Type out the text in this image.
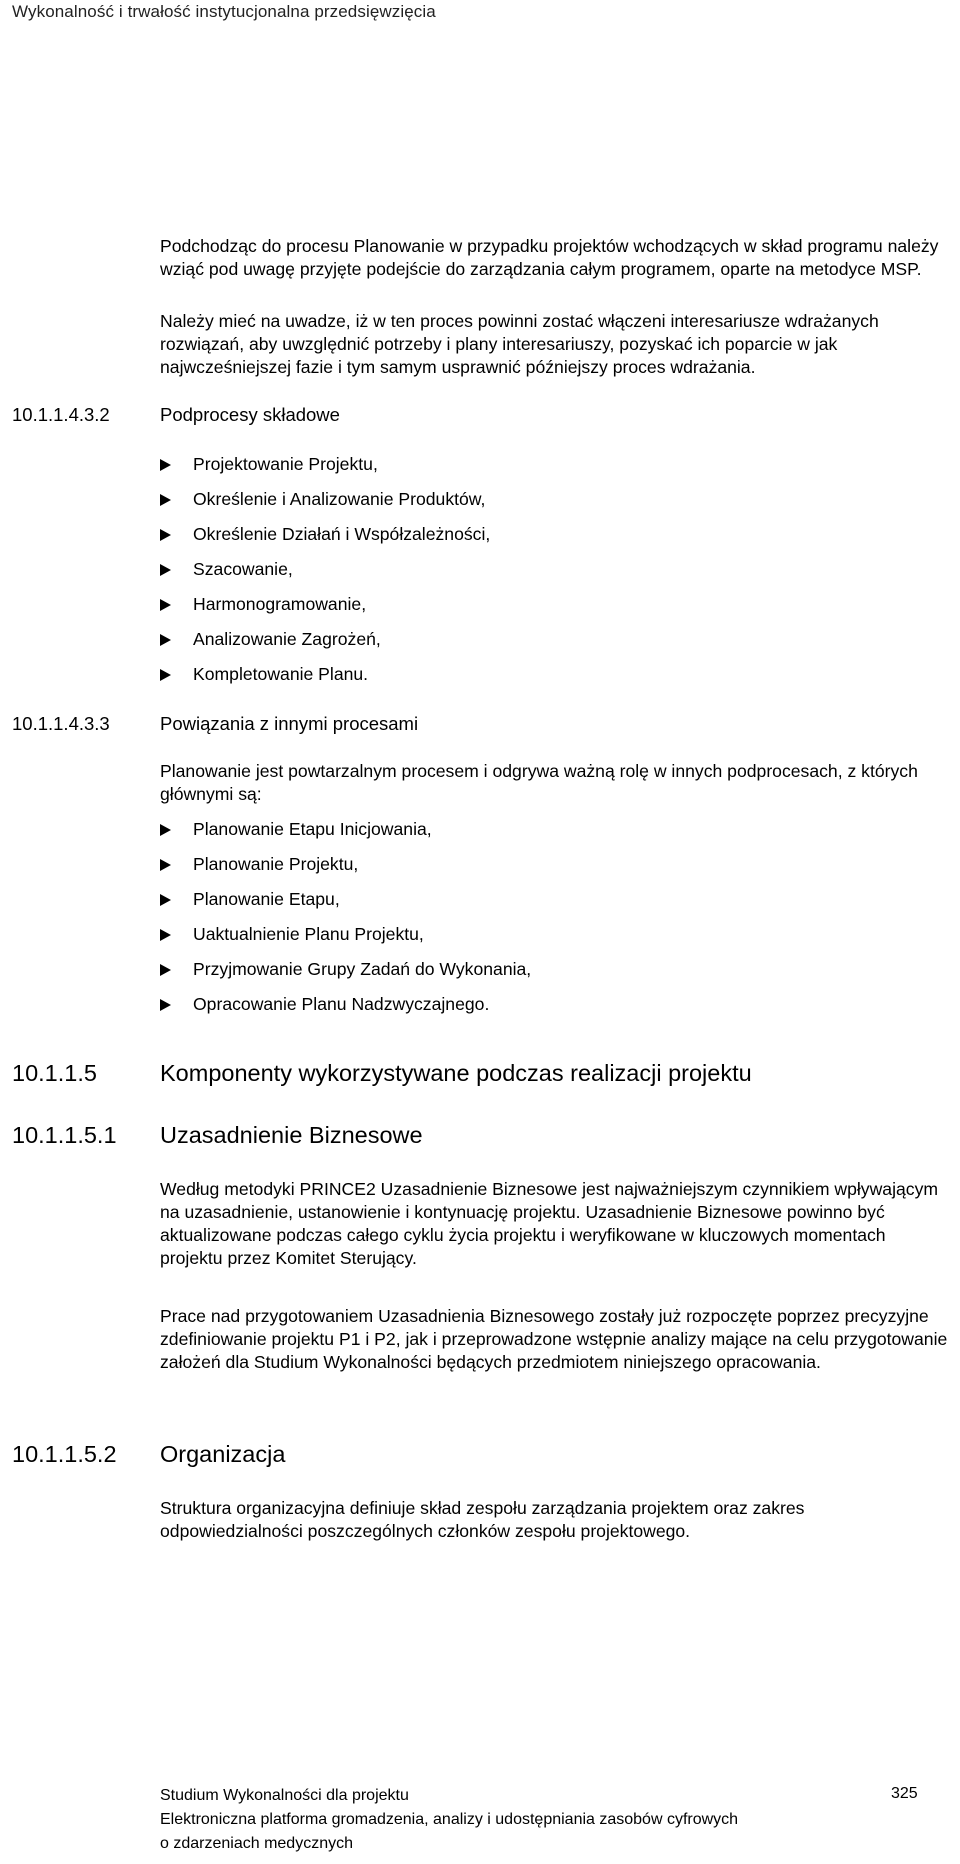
Wykonalność i trwałość instytucjonalna przedsięwzięcia
Podchodząc do procesu Planowanie w przypadku projektów wchodzących w skład programu należy wziąć pod uwagę przyjęte podejście do zarządzania całym programem, oparte na metodyce MSP.
Należy mieć na uwadze, iż w ten proces powinni zostać włączeni interesariusze wdrażanych rozwiązań, aby uwzględnić potrzeby i plany interesariuszy, pozyskać ich poparcie w jak najwcześniejszej fazie i tym samym usprawnić późniejszy proces wdrażania.
10.1.1.4.3.2	Podprocesy składowe
Projektowanie Projektu,
Określenie i Analizowanie Produktów,
Określenie Działań i Współzależności,
Szacowanie,
Harmonogramowanie,
Analizowanie Zagrożeń,
Kompletowanie Planu.
10.1.1.4.3.3	Powiązania z innymi procesami
Planowanie jest powtarzalnym procesem i odgrywa ważną rolę w innych podprocesach, z których głównymi są:
Planowanie Etapu Inicjowania,
Planowanie Projektu,
Planowanie Etapu,
Uaktualnienie Planu Projektu,
Przyjmowanie Grupy Zadań do Wykonania,
Opracowanie Planu Nadzwyczajnego.
10.1.1.5	Komponenty wykorzystywane podczas realizacji projektu
10.1.1.5.1 Uzasadnienie Biznesowe
Według metodyki PRINCE2 Uzasadnienie Biznesowe jest najważniejszym czynnikiem wpływającym na uzasadnienie, ustanowienie i kontynuację projektu. Uzasadnienie Biznesowe powinno być aktualizowane podczas całego cyklu życia projektu i weryfikowane w kluczowych momentach projektu przez Komitet Sterujący.
Prace nad przygotowaniem Uzasadnienia Biznesowego zostały już rozpoczęte poprzez precyzyjne zdefiniowanie projektu P1 i P2, jak i przeprowadzone wstępnie analizy mające na celu przygotowanie założeń dla Studium Wykonalności będących przedmiotem niniejszego opracowania.
10.1.1.5.2 Organizacja
Struktura organizacyjna definiuje skład zespołu zarządzania projektem oraz zakres odpowiedzialności poszczególnych członków zespołu projektowego.
Studium Wykonalności dla projektu
Elektroniczna platforma gromadzenia, analizy i udostępniania zasobów cyfrowych
o zdarzeniach medycznych
325
